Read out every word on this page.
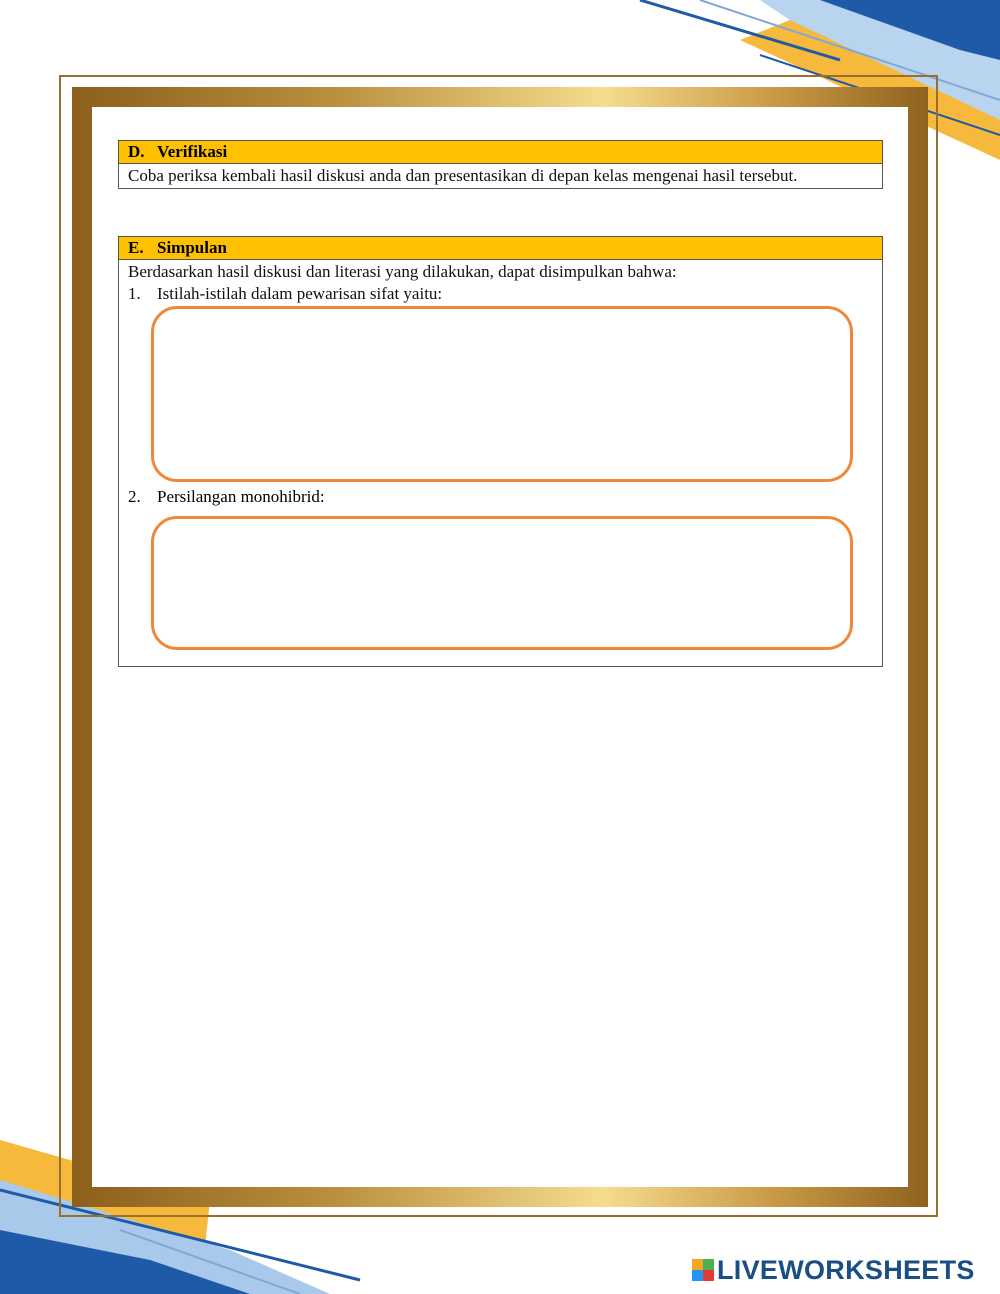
D. Verifikasi
Coba periksa kembali hasil diskusi anda dan presentasikan di depan kelas mengenai hasil tersebut.
E. Simpulan
Berdasarkan hasil diskusi dan literasi yang dilakukan, dapat disimpulkan bahwa:
1. Istilah-istilah dalam pewarisan sifat yaitu:
2. Persilangan monohibrid:
LIVEWORKSHEETS
